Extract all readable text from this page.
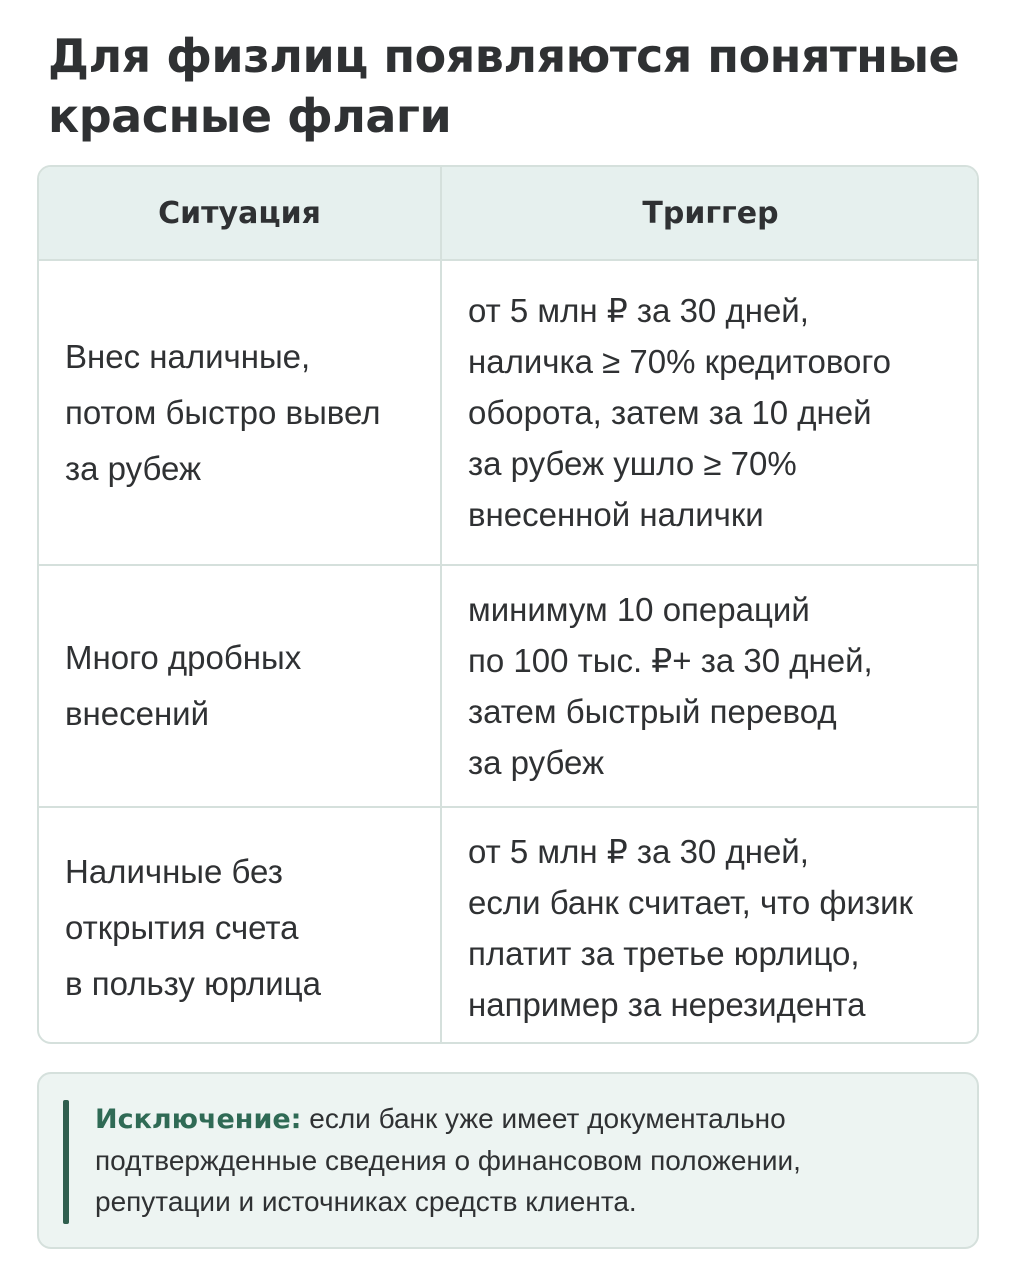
Для физлиц появляются понятные
красные флаги
Ситуация	Триггер

Внес наличные,
потом быстро вывел
за рубеж	от 5 млн ₽ за 30 дней,
наличка ≥ 70% кредитового
оборота, затем за 10 дней
за рубеж ушло ≥ 70%
внесенной налички

Много дробных
внесений	минимум 10 операций
по 100 тыс. ₽+ за 30 дней,
затем быстрый перевод
за рубеж

Наличные без
открытия счета
в пользу юрлица	от 5 млн ₽ за 30 дней,
если банк считает, что физик
платит за третье юрлицо,
например за нерезидента

Исключение: если банк уже имеет документально
подтвержденные сведения о финансовом положении,
репутации и источниках средств клиента.
